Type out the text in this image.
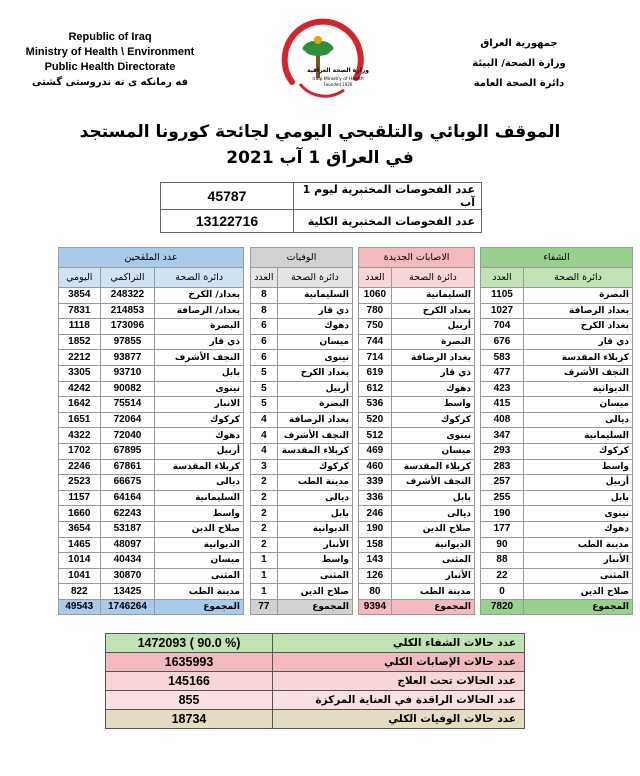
Republic of Iraq
Ministry of Health \ Environment
Public Health Directorate
فه رمانكه ى ته ندروستى گشتى
وزارة الصحة العراقية
Iraqi Ministry of Health
Founded 1920
جمهورية العراق
وزارة الصحة/ البيئة
دائرة الصحة العامة
الموقف الوبائي والتلقيحي اليومي لجائحة كورونا المستجد
في العراق 1 آب 2021
عدد الفحوصات المختبرية ليوم 1 آب	45787
عدد الفحوصات المختبرية الكلية	13122716
الشفاء	
دائرة الصحة	العدد
البصرة	1105
بغداد الرصافة	1027
بغداد الكرخ	704
ذي قار	676
كربلاء المقدسة	583
النجف الأشرف	477
الديوانية	423
ميسان	415
ديالى	408
السليمانية	347
كركوك	293
واسط	283
أربيل	257
بابل	255
نينوى	190
دهوك	177
مدينة الطب	90
الأنبار	88
المثنى	22
صلاح الدين	0
المجموع	7820
الاصابات الجديدة	
دائرة الصحة	العدد
السليمانية	1060
بغداد الكرخ	780
أربيل	750
البصرة	744
بغداد الرصافة	714
ذي قار	619
دهوك	612
واسط	536
كركوك	520
نينوى	512
ميسان	469
كربلاء المقدسة	460
النجف الأشرف	339
بابل	336
ديالى	246
صلاح الدين	190
الديوانية	158
المثنى	143
الأنبار	126
مدينة الطب	80
المجموع	9394
الوفيات	
دائرة الصحة	العدد
السليمانية	8
ذي قار	8
دهوك	6
ميسان	6
نينوى	6
بغداد الكرخ	5
أربيل	5
البصرة	5
بغداد الرصافة	4
النجف الأشرف	4
كربلاء المقدسة	4
كركوك	3
مدينة الطب	2
ديالى	2
بابل	2
الديوانية	2
الأنبار	2
واسط	1
المثنى	1
صلاح الدين	1
المجموع	77
عدد الملقحين		
دائرة الصحة	التراكمي	اليومي
بغداد/ الكرخ	248322	3854
بغداد/ الرصافة	214853	7831
البصرة	173096	1118
ذي قار	97855	1852
النجف الأشرف	93877	2212
بابل	93710	3305
نينوى	90082	4242
الانبار	75514	1642
كركوك	72064	1651
دهوك	72040	4322
أربيل	67895	1702
كربلاء المقدسة	67861	2246
ديالى	66675	2523
السليمانية	64164	1157
واسط	62243	1660
صلاح الدين	53187	3654
الديوانية	48097	1465
ميسان	40434	1014
المثنى	30870	1041
مدينة الطب	13425	822
المجموع	1746264	49543
عدد حالات الشفاء الكلي	1472093 ( 90.0 %)
عدد حالات الإصابات الكلي	1635993
عدد الحالات تحت العلاج	145166
عدد الحالات الراقدة في العناية المركزة	855
عدد حالات الوفيات الكلي	18734
